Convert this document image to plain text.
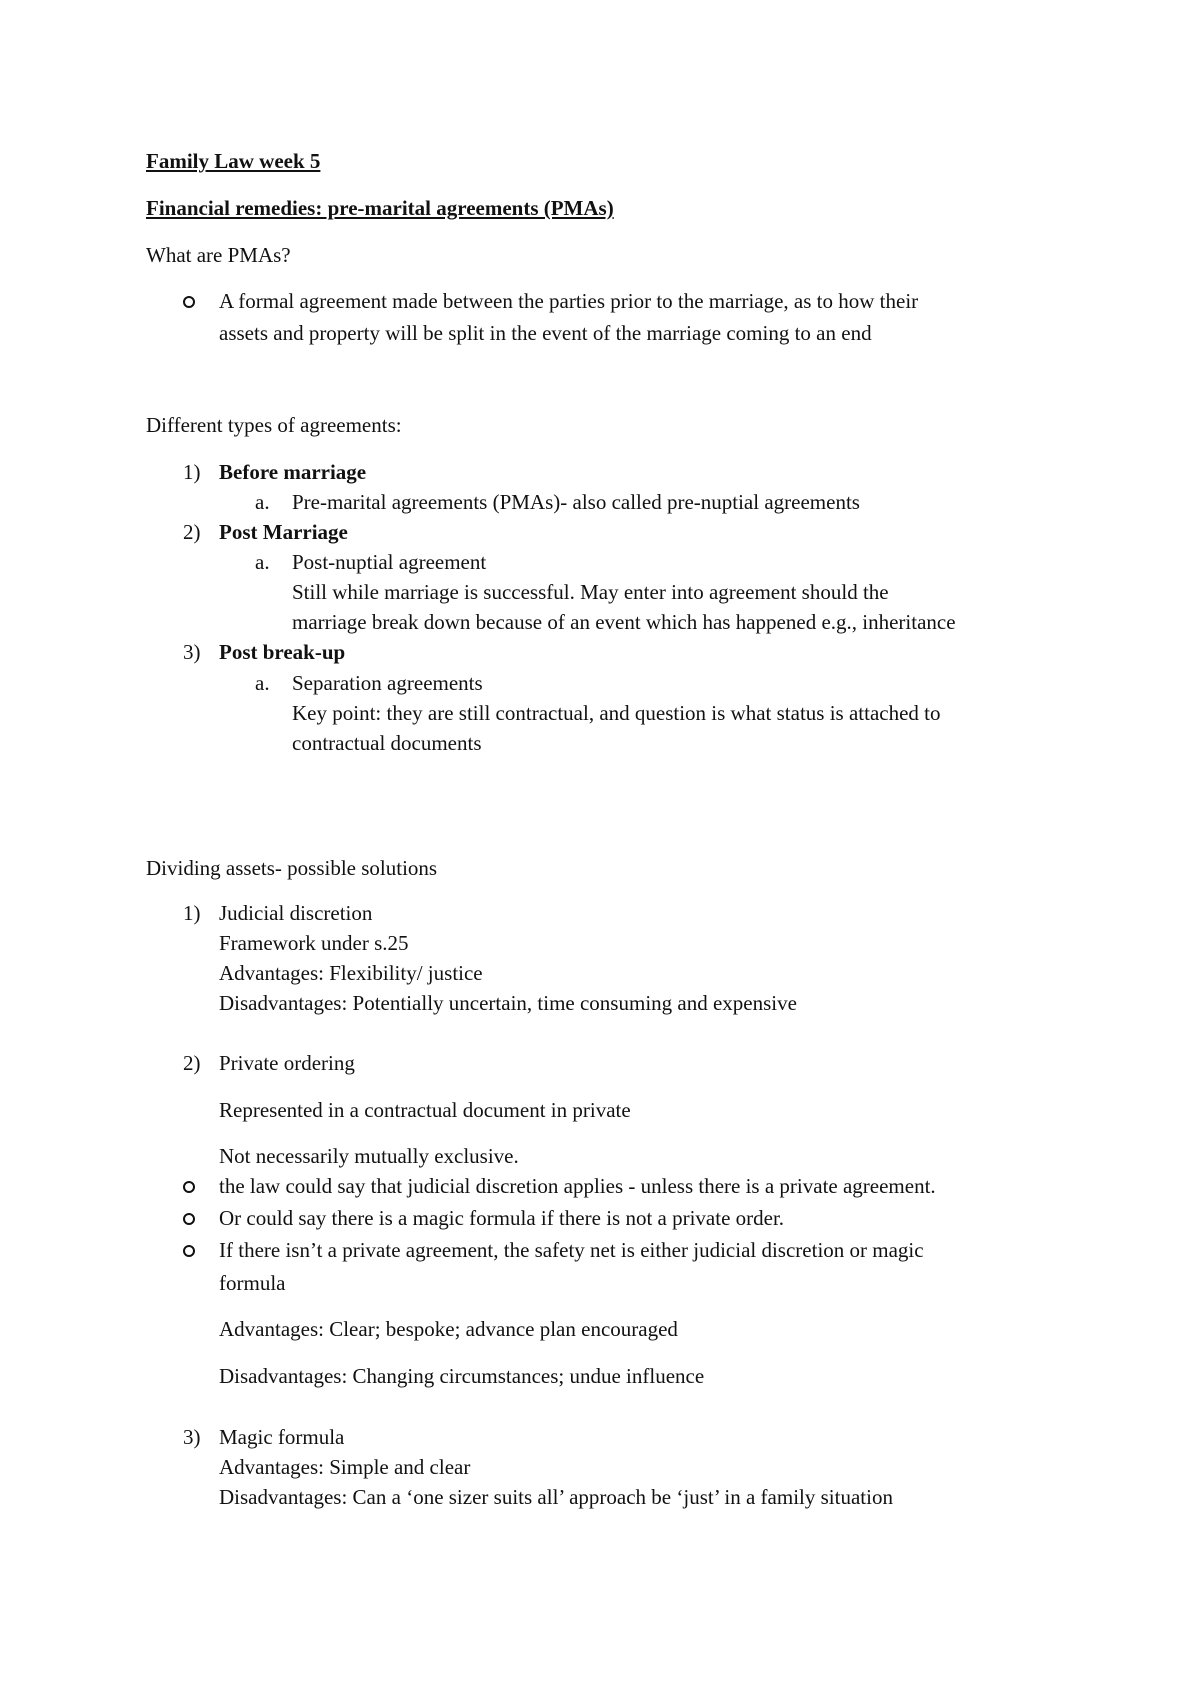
Family Law week 5
Financial remedies: pre-marital agreements (PMAs)
What are PMAs?
A formal agreement made between the parties prior to the marriage, as to how their
assets and property will be split in the event of the marriage coming to an end
Different types of agreements:
1) Before marriage
a. Pre-marital agreements (PMAs)- also called pre-nuptial agreements
2) Post Marriage
a. Post-nuptial agreement
Still while marriage is successful. May enter into agreement should the
marriage break down because of an event which has happened e.g., inheritance
3) Post break-up
a. Separation agreements
Key point: they are still contractual, and question is what status is attached to
contractual documents
Dividing assets- possible solutions
1) Judicial discretion
Framework under s.25
Advantages: Flexibility/ justice
Disadvantages: Potentially uncertain, time consuming and expensive
2) Private ordering
Represented in a contractual document in private
Not necessarily mutually exclusive.
the law could say that judicial discretion applies - unless there is a private agreement.
Or could say there is a magic formula if there is not a private order.
If there isn’t a private agreement, the safety net is either judicial discretion or magic
formula
Advantages: Clear; bespoke; advance plan encouraged
Disadvantages: Changing circumstances; undue influence
3) Magic formula
Advantages: Simple and clear
Disadvantages: Can a ‘one sizer suits all’ approach be ‘just’ in a family situation
